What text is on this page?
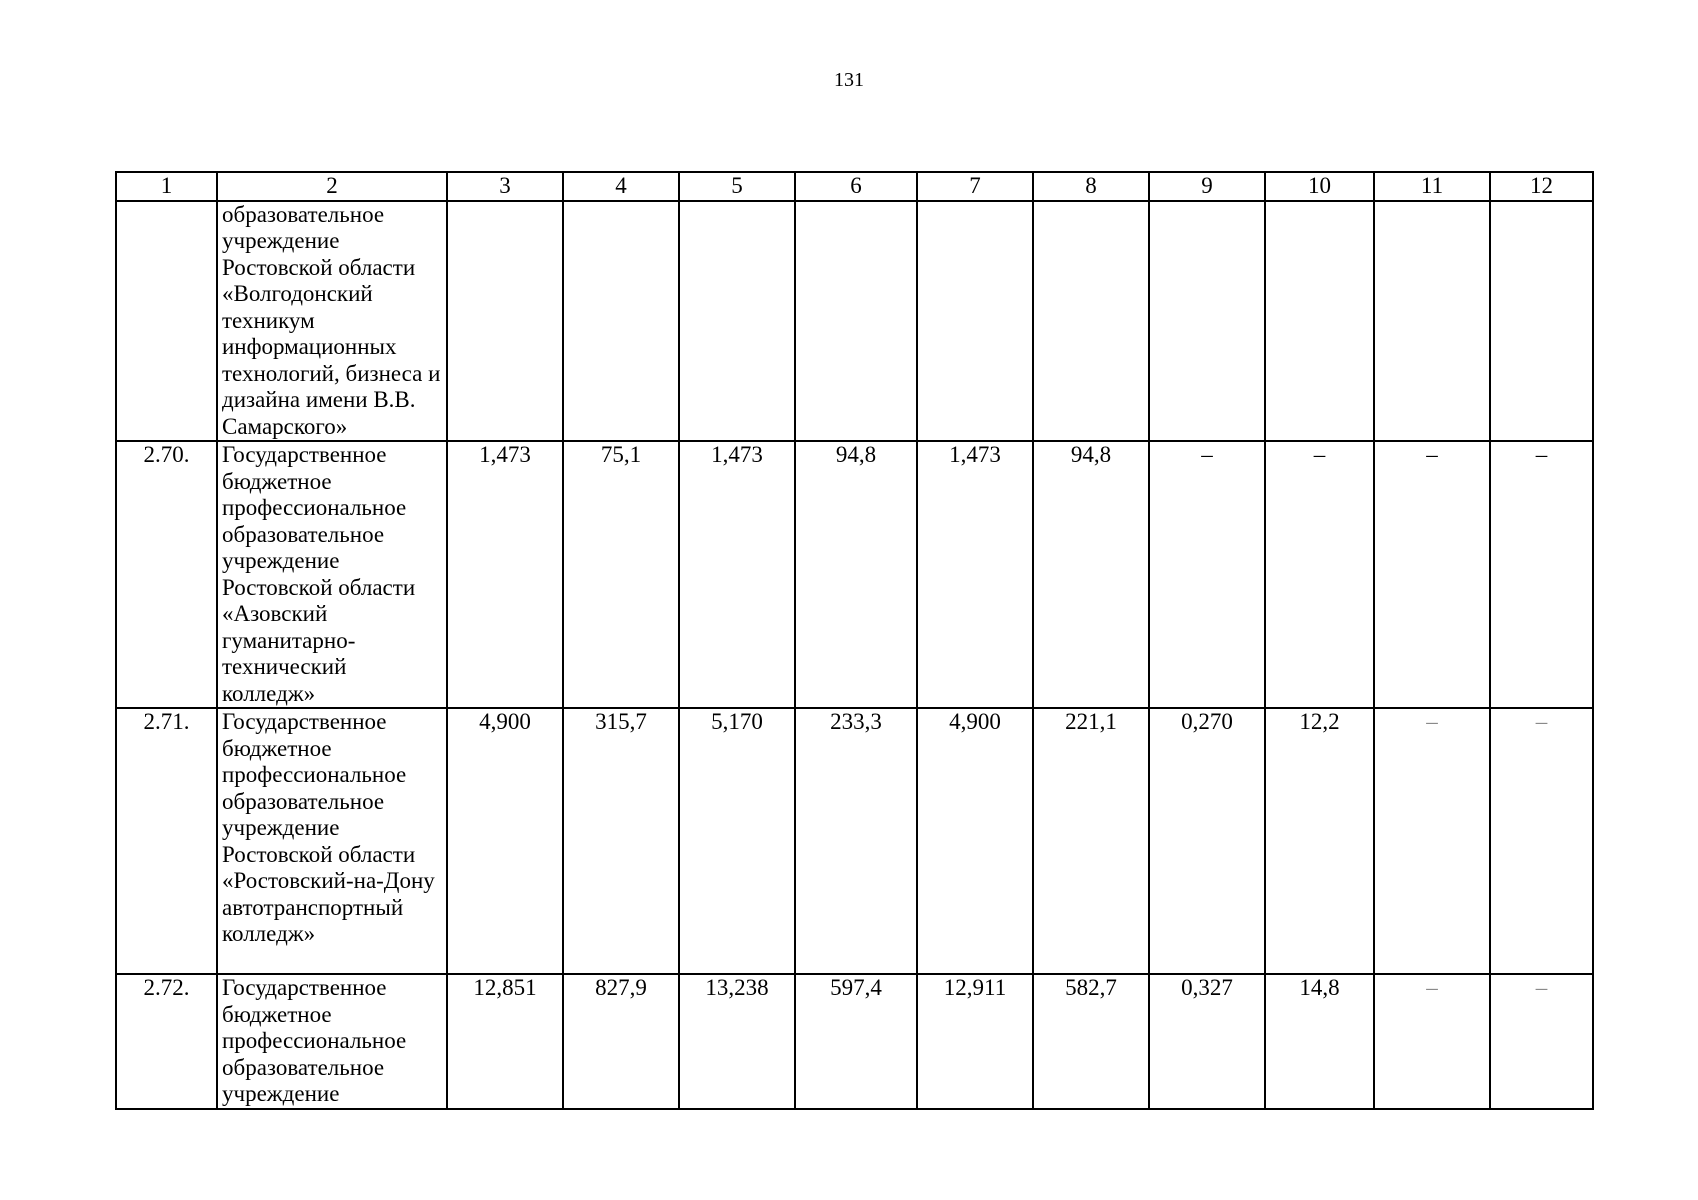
131
1	2	3	4	5	6	7	8	9	10	11	12
	образовательное учреждение Ростовской области «Волгодонский техникум информационных технологий, бизнеса и дизайна имени В.В. Самарского»										
2.70.	Государственное бюджетное профессиональное образовательное учреждение Ростовской области «Азовский гуманитарно-технический колледж»	1,473	75,1	1,473	94,8	1,473	94,8	–	–	–	–
2.71.	Государственное бюджетное профессиональное образовательное учреждение Ростовской области «Ростовский-на-Дону автотранспортный колледж»	4,900	315,7	5,170	233,3	4,900	221,1	0,270	12,2	–	–
2.72.	Государственное бюджетное профессиональное образовательное учреждение	12,851	827,9	13,238	597,4	12,911	582,7	0,327	14,8	–	–
